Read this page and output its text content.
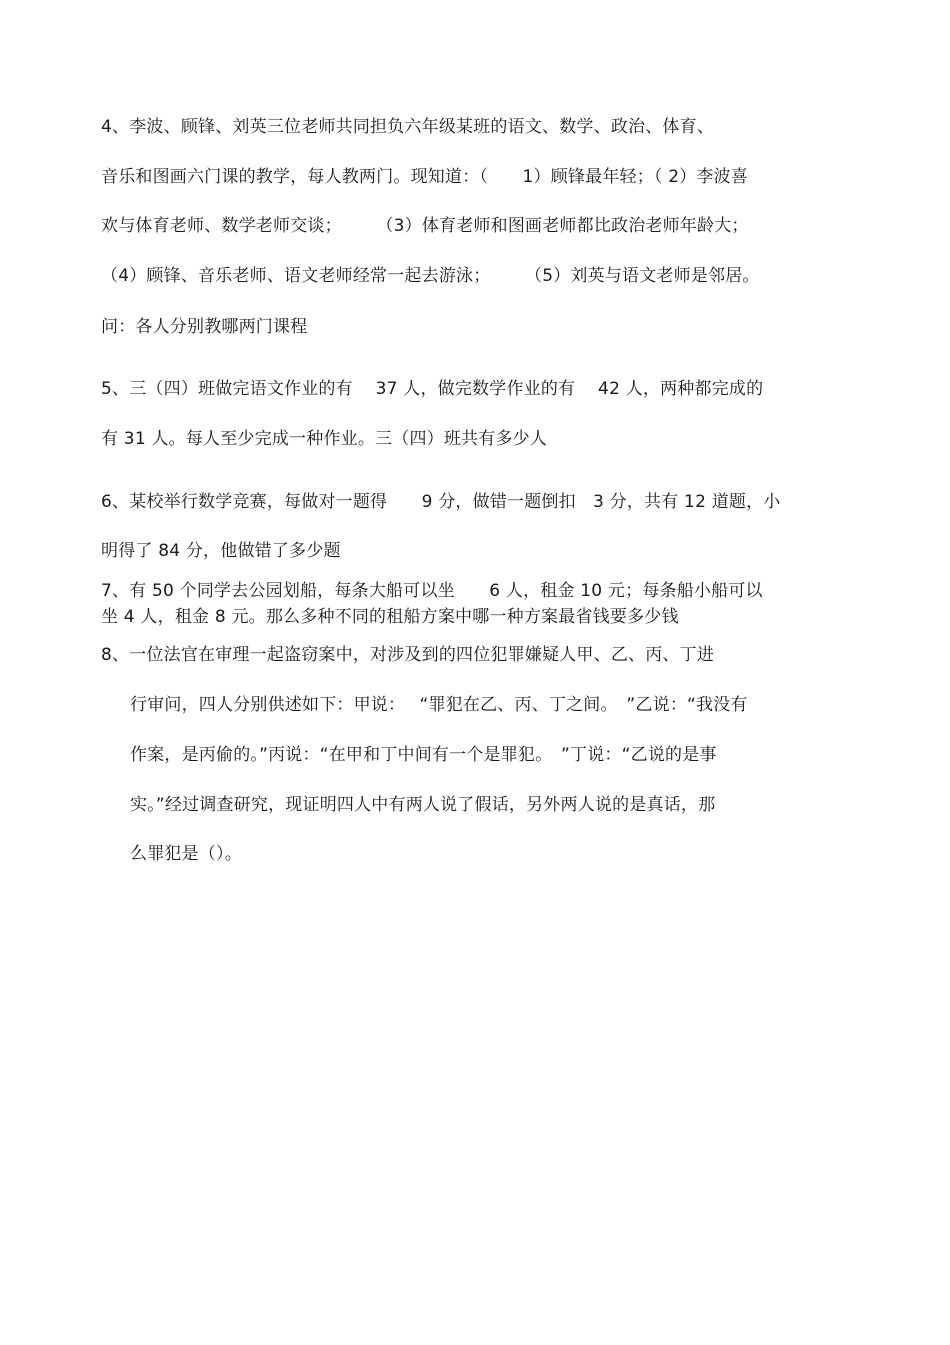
4、李波、顾锋、刘英三位老师共同担负六年级某班的语文、数学、政治、体育、
音乐和图画六门课的教学，每人教两门。现知道：（　　1）顾锋最年轻；（ 2）李波喜
欢与体育老师、数学老师交谈；　　　（3）体育老师和图画老师都比政治老师年龄大；
（4）顾锋、音乐老师、语文老师经常一起去游泳；　　　（5）刘英与语文老师是邻居。
问：各人分别教哪两门课程
5、三（四）班做完语文作业的有　 37 人，做完数学作业的有　 42 人，两种都完成的
有 31 人。每人至少完成一种作业。三（四）班共有多少人
6、某校举行数学竞赛，每做对一题得　　9 分，做错一题倒扣　3 分，共有 12 道题，小
明得了 84 分，他做错了多少题
7、有 50 个同学去公园划船，每条大船可以坐　　6 人，租金 10 元；每条船小船可以
坐 4 人，租金 8 元。那么多种不同的租船方案中哪一种方案最省钱要多少钱
8、一位法官在审理一起盗窃案中，对涉及到的四位犯罪嫌疑人甲、乙、丙、丁进
行审问，四人分别供述如下：甲说：　 “罪犯在乙、丙、丁之间。　”乙说：“我没有
作案，是丙偷的。”丙说：“在甲和丁中间有一个是罪犯。　”丁说：“乙说的是事
实。”经过调查研究，现证明四人中有两人说了假话，另外两人说的是真话，那
么罪犯是（）。
